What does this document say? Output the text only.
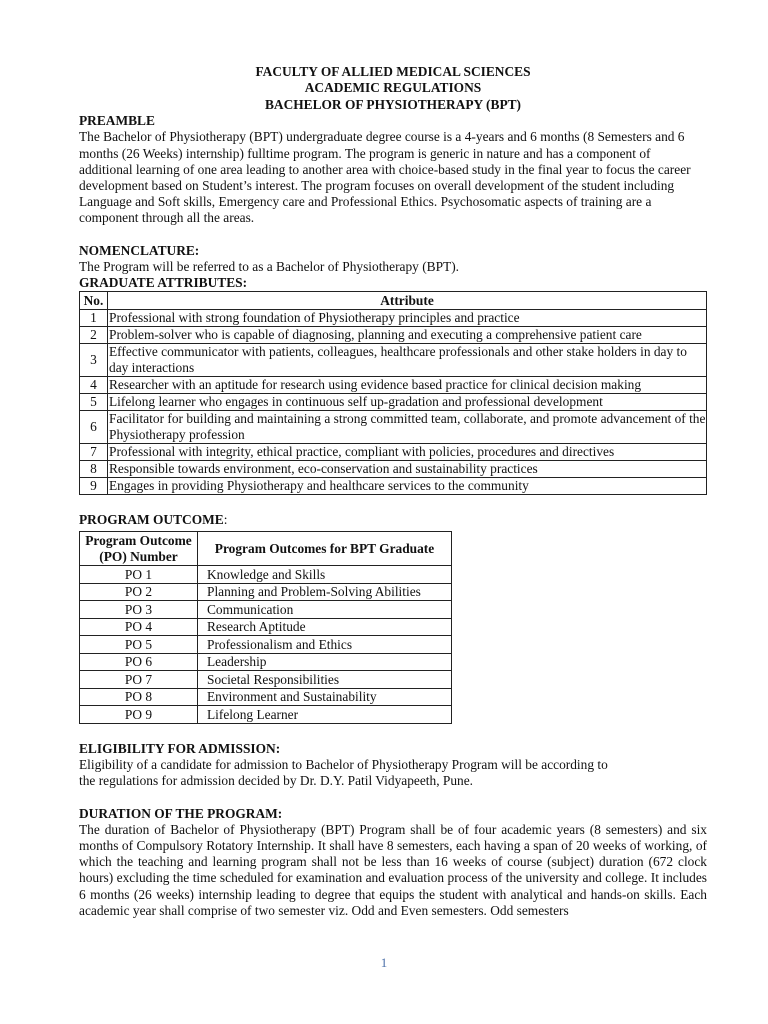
FACULTY OF ALLIED MEDICAL SCIENCES
ACADEMIC REGULATIONS
BACHELOR OF PHYSIOTHERAPY (BPT)
PREAMBLE

The Bachelor of Physiotherapy (BPT) undergraduate degree course is a 4-years and 6 months (8 Semesters and 6 months (26 Weeks) internship) fulltime program. The program is generic in nature and has a component of additional learning of one area leading to another area with choice-based study in the final year to focus the career development based on Student’s interest. The program focuses on overall development of the student including Language and Soft skills, Emergency care and Professional Ethics. Psychosomatic aspects of training are a component through all the areas.

NOMENCLATURE:

The Program will be referred to as a Bachelor of Physiotherapy (BPT).

GRADUATE ATTRIBUTES:
No.	Attribute
1	Professional with strong foundation of Physiotherapy principles and practice
2	Problem-solver who is capable of diagnosing, planning and executing a comprehensive patient care
3	Effective communicator with patients, colleagues, healthcare professionals and other stake holders in day to day interactions
4	Researcher with an aptitude for research using evidence based practice for clinical decision making
5	Lifelong learner who engages in continuous self up-gradation and professional development
6	Facilitator for building and maintaining a strong committed team, collaborate, and promote advancement of the Physiotherapy profession
7	Professional with integrity, ethical practice, compliant with policies, procedures and directives
8	Responsible towards environment, eco-conservation and sustainability practices
9	Engages in providing Physiotherapy and healthcare services to the community
PROGRAM OUTCOME:
Program Outcome (PO) Number	Program Outcomes for BPT Graduate
PO 1	Knowledge and Skills
PO 2	Planning and Problem-Solving Abilities
PO 3	Communication
PO 4	Research Aptitude
PO 5	Professionalism and Ethics
PO 6	Leadership
PO 7	Societal Responsibilities
PO 8	Environment and Sustainability
PO 9	Lifelong Learner
ELIGIBILITY FOR ADMISSION:
Eligibility of a candidate for admission to Bachelor of Physiotherapy Program will be according to
the regulations for admission decided by Dr. D.Y. Patil Vidyapeeth, Pune.
DURATION OF THE PROGRAM:

The duration of Bachelor of Physiotherapy (BPT) Program shall be of four academic years (8 semesters) and six months of Compulsory Rotatory Internship. It shall have 8 semesters, each having a span of 20 weeks of working, of which the teaching and learning program shall not be less than 16 weeks of course (subject) duration (672 clock hours) excluding the time scheduled for examination and evaluation process of the university and college. It includes 6 months (26 weeks) internship leading to degree that equips the student with analytical and hands-on skills. Each academic year shall comprise of two semester viz. Odd and Even semesters. Odd semesters

1
